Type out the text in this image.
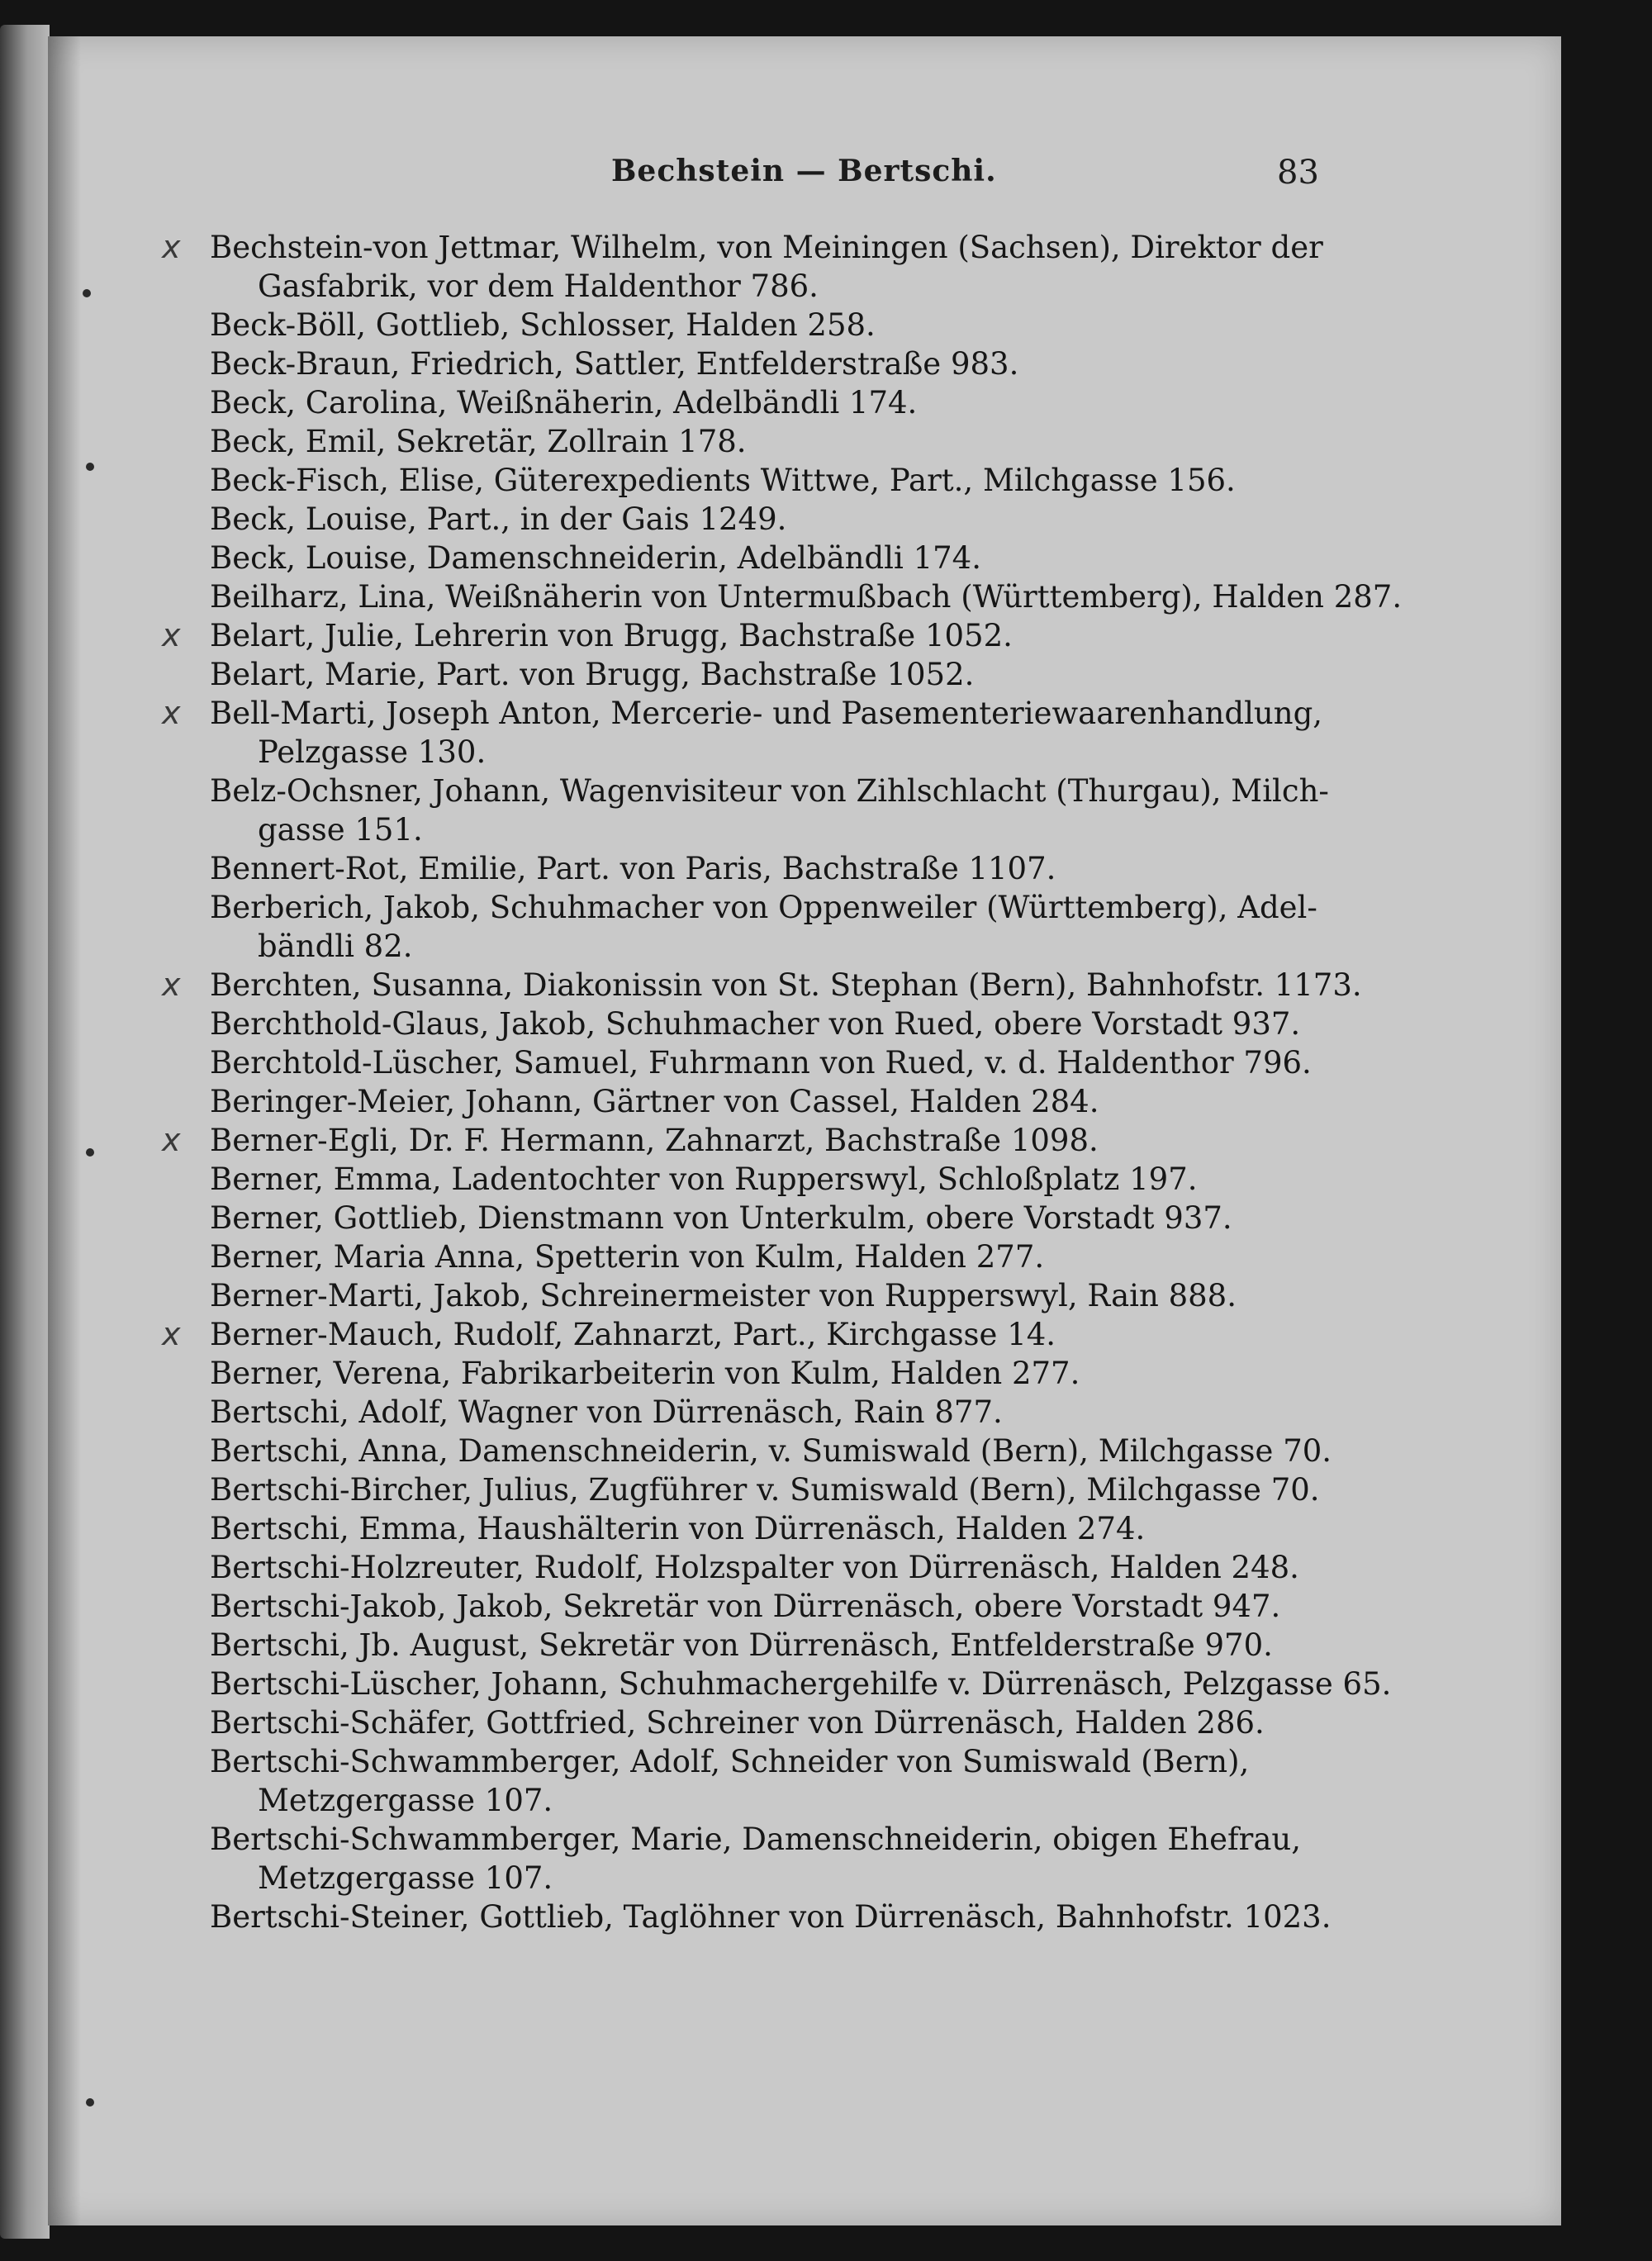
Bechstein — Bertschi.	83
x Bechstein-von Jettmar, Wilhelm, von Meiningen (Sachsen), Direktor der
Gasfabrik, vor dem Haldenthor 786.
Beck-Böll, Gottlieb, Schlosser, Halden 258.
Beck-Braun, Friedrich, Sattler, Entfelderstraße 983.
Beck, Carolina, Weißnäherin, Adelbändli 174.
Beck, Emil, Sekretär, Zollrain 178.
Beck-Fisch, Elise, Güterexpedients Wittwe, Part., Milchgasse 156.
Beck, Louise, Part., in der Gais 1249.
Beck, Louise, Damenschneiderin, Adelbändli 174.
Beilharz, Lina, Weißnäherin von Untermußbach (Württemberg), Halden 287.
x Belart, Julie, Lehrerin von Brugg, Bachstraße 1052.
Belart, Marie, Part. von Brugg, Bachstraße 1052.
x Bell-Marti, Joseph Anton, Mercerie- und Pasementeriewaarenhandlung,
Pelzgasse 130.
Belz-Ochsner, Johann, Wagenvisiteur von Zihlschlacht (Thurgau), Milch-
gasse 151.
Bennert-Rot, Emilie, Part. von Paris, Bachstraße 1107.
Berberich, Jakob, Schuhmacher von Oppenweiler (Württemberg), Adel-
bändli 82.
x Berchten, Susanna, Diakonissin von St. Stephan (Bern), Bahnhofstr. 1173.
Berchthold-Glaus, Jakob, Schuhmacher von Rued, obere Vorstadt 937.
Berchtold-Lüscher, Samuel, Fuhrmann von Rued, v. d. Haldenthor 796.
Beringer-Meier, Johann, Gärtner von Cassel, Halden 284.
x Berner-Egli, Dr. F. Hermann, Zahnarzt, Bachstraße 1098.
Berner, Emma, Ladentochter von Rupperswyl, Schloßplatz 197.
Berner, Gottlieb, Dienstmann von Unterkulm, obere Vorstadt 937.
Berner, Maria Anna, Spetterin von Kulm, Halden 277.
Berner-Marti, Jakob, Schreinermeister von Rupperswyl, Rain 888.
x Berner-Mauch, Rudolf, Zahnarzt, Part., Kirchgasse 14.
Berner, Verena, Fabrikarbeiterin von Kulm, Halden 277.
Bertschi, Adolf, Wagner von Dürrenäsch, Rain 877.
Bertschi, Anna, Damenschneiderin, v. Sumiswald (Bern), Milchgasse 70.
Bertschi-Bircher, Julius, Zugführer v. Sumiswald (Bern), Milchgasse 70.
Bertschi, Emma, Haushälterin von Dürrenäsch, Halden 274.
Bertschi-Holzreuter, Rudolf, Holzspalter von Dürrenäsch, Halden 248.
Bertschi-Jakob, Jakob, Sekretär von Dürrenäsch, obere Vorstadt 947.
Bertschi, Jb. August, Sekretär von Dürrenäsch, Entfelderstraße 970.
Bertschi-Lüscher, Johann, Schuhmachergehilfe v. Dürrenäsch, Pelzgasse 65.
Bertschi-Schäfer, Gottfried, Schreiner von Dürrenäsch, Halden 286.
Bertschi-Schwammberger, Adolf, Schneider von Sumiswald (Bern),
Metzgergasse 107.
Bertschi-Schwammberger, Marie, Damenschneiderin, obigen Ehefrau,
Metzgergasse 107.
Bertschi-Steiner, Gottlieb, Taglöhner von Dürrenäsch, Bahnhofstr. 1023.
